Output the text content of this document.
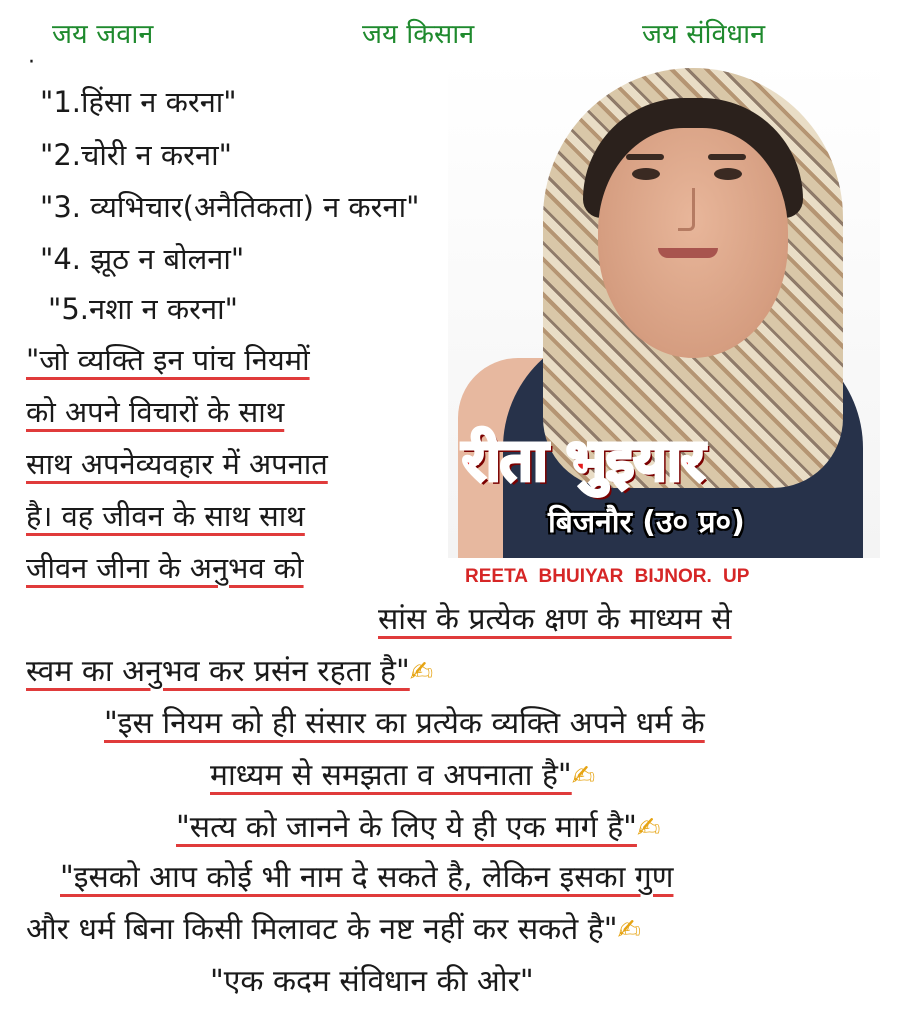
जय जवान	जय किसान	जय संविधान
·
"1.हिंसा न करना"
"2.चोरी न करना"
"3. व्यभिचार(अनैतिकता) न करना"
"4. झूठ न बोलना"
"5.नशा न करना"
"जो व्यक्ति इन पांच नियमों
को अपने विचारों के साथ
साथ अपनेव्यवहार में अपनात
है। वह जीवन के साथ साथ
जीवन जीना के अनुभव को
रीता भुइयार
बिजनौर (उ० प्र०)
REETA BHUIYAR BIJNOR. UP
सांस के प्रत्येक क्षण के माध्यम से
स्वम का अनुभव कर प्रसंन रहता है"✍
"इस नियम को ही संसार का प्रत्येक व्यक्ति अपने धर्म के
माध्यम से समझता व अपनाता है"✍
"सत्य को जानने के लिए ये ही एक मार्ग है"✍
"इसको आप कोई भी नाम दे सकते है, लेकिन इसका गुण
और धर्म बिना किसी मिलावट के नष्ट नहीं कर सकते है"✍
"एक कदम संविधान की ओर"
